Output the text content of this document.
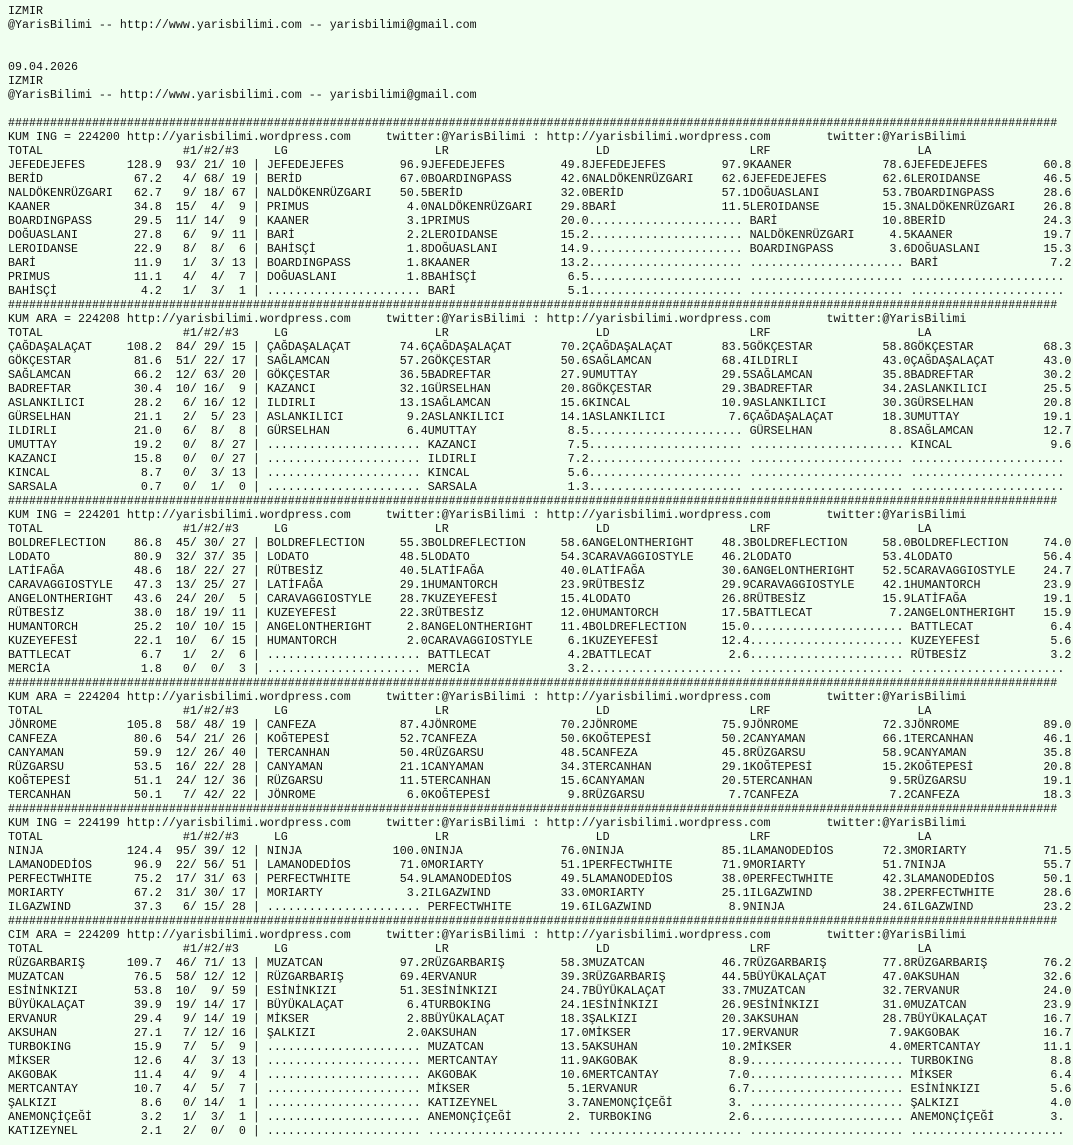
IZMIR
@YarisBilimi -- http://www.yarisbilimi.com -- yarisbilimi@gmail.com
09.04.2026
IZMIR
@YarisBilimi -- http://www.yarisbilimi.com -- yarisbilimi@gmail.com
######################################################################################################################################################
KUM ING = 224200 http://yarisbilimi.wordpress.com	twitter:@YarisBilimi : http://yarisbilimi.wordpress.com	twitter:@YarisBilimi
TOTAL                    #1/#2/#3     LG                     LR                     LD                    LRF                     LA
JEFEDEJEFES      128.9  93/ 21/ 10 | JEFEDEJEFES        96.9JEFEDEJEFES        49.8JEFEDEJEFES        97.9KAANER             78.6JEFEDEJEFES        60.8
BERİD             67.2   4/ 68/ 19 | BERİD              67.0BOARDINGPASS       42.6NALDÖKENRÜZGARI    62.6JEFEDEJEFES        62.6LEROIDANSE         46.5
NALDÖKENRÜZGARI   62.7   9/ 18/ 67 | NALDÖKENRÜZGARI    50.5BERİD              32.0BERİD              57.1DOĞUASLANI         53.7BOARDINGPASS       28.6
KAANER            34.8  15/  4/  9 | PRIMUS              4.0NALDÖKENRÜZGARI    29.8BARİ               11.5LEROIDANSE         15.3NALDÖKENRÜZGARI    26.8
BOARDINGPASS      29.5  11/ 14/  9 | KAANER              3.1PRIMUS             20.0...................... BARİ               10.8BERİD              24.3
DOĞUASLANI        27.8   6/  9/ 11 | BARİ                2.2LEROIDANSE         15.2...................... NALDÖKENRÜZGARI     4.5KAANER             19.7
LEROIDANSE        22.9   8/  8/  6 | BAHİSÇİ             1.8DOĞUASLANI         14.9...................... BOARDINGPASS        3.6DOĞUASLANI         15.3
BARİ              11.9   1/  3/ 13 | BOARDINGPASS        1.8KAANER             13.2...................... ...................... BARİ                7.2
PRIMUS            11.1   4/  4/  7 | DOĞUASLANI          1.8BAHİSÇİ             6.5...................... ...................... ......................
BAHİSÇİ            4.2   1/  3/  1 | ...................... BARİ                5.1...................... ...................... ......................
######################################################################################################################################################
KUM ARA = 224208 http://yarisbilimi.wordpress.com	twitter:@YarisBilimi : http://yarisbilimi.wordpress.com	twitter:@YarisBilimi
TOTAL                    #1/#2/#3     LG                     LR                     LD                    LRF                     LA
ÇAĞDAŞALAÇAT     108.2  84/ 29/ 15 | ÇAĞDAŞALAÇAT       74.6ÇAĞDAŞALAÇAT       70.2ÇAĞDAŞALAÇAT       83.5GÖKÇESTAR          58.8GÖKÇESTAR          68.3
GÖKÇESTAR         81.6  51/ 22/ 17 | SAĞLAMCAN          57.2GÖKÇESTAR          50.6SAĞLAMCAN          68.4ILDIRLI            43.0ÇAĞDAŞALAÇAT       43.0
SAĞLAMCAN         66.2  12/ 63/ 20 | GÖKÇESTAR          36.5BADREFTAR          27.9UMUTTAY            29.5SAĞLAMCAN          35.8BADREFTAR          30.2
BADREFTAR         30.4  10/ 16/  9 | KAZANCI            32.1GÜRSELHAN          20.8GÖKÇESTAR          29.3BADREFTAR          34.2ASLANKILICI        25.5
ASLANKILICI       28.2   6/ 16/ 12 | ILDIRLI            13.1SAĞLAMCAN          15.6KINCAL             10.9ASLANKILICI        30.3GÜRSELHAN          20.8
GÜRSELHAN         21.1   2/  5/ 23 | ASLANKILICI         9.2ASLANKILICI        14.1ASLANKILICI         7.6ÇAĞDAŞALAÇAT       18.3UMUTTAY            19.1
ILDIRLI           21.0   6/  8/  8 | GÜRSELHAN           6.4UMUTTAY             8.5...................... GÜRSELHAN           8.8SAĞLAMCAN          12.7
UMUTTAY           19.2   0/  8/ 27 | ...................... KAZANCI             7.5...................... ...................... KINCAL              9.6
KAZANCI           15.8   0/  0/ 27 | ...................... ILDIRLI             7.2...................... ...................... ......................
KINCAL             8.7   0/  3/ 13 | ...................... KINCAL              5.6...................... ...................... ......................
SARSALA            0.7   0/  1/  0 | ...................... SARSALA             1.3...................... ...................... ......................
######################################################################################################################################################
KUM ING = 224201 http://yarisbilimi.wordpress.com	twitter:@YarisBilimi : http://yarisbilimi.wordpress.com	twitter:@YarisBilimi
TOTAL                    #1/#2/#3     LG                     LR                     LD                    LRF                     LA
BOLDREFLECTION    86.8  45/ 30/ 27 | BOLDREFLECTION     55.3BOLDREFLECTION     58.6ANGELONTHERIGHT    48.3BOLDREFLECTION     58.0BOLDREFLECTION     74.0
LODATO            80.9  32/ 37/ 35 | LODATO             48.5LODATO             54.3CARAVAGGIOSTYLE    46.2LODATO             53.4LODATO             56.4
LATİFAĞA          48.6  18/ 22/ 27 | RÜTBESİZ           40.5LATİFAĞA           40.0LATİFAĞA           30.6ANGELONTHERIGHT    52.5CARAVAGGIOSTYLE    24.7
CARAVAGGIOSTYLE   47.3  13/ 25/ 27 | LATİFAĞA           29.1HUMANTORCH         23.9RÜTBESİZ           29.9CARAVAGGIOSTYLE    42.1HUMANTORCH         23.9
ANGELONTHERIGHT   43.6  24/ 20/  5 | CARAVAGGIOSTYLE    28.7KUZEYEFESİ         15.4LODATO             26.8RÜTBESİZ           15.9LATİFAĞA           19.1
RÜTBESİZ          38.0  18/ 19/ 11 | KUZEYEFESİ         22.3RÜTBESİZ           12.0HUMANTORCH         17.5BATTLECAT           7.2ANGELONTHERIGHT    15.9
HUMANTORCH        25.2  10/ 10/ 15 | ANGELONTHERIGHT     2.8ANGELONTHERIGHT    11.4BOLDREFLECTION     15.0...................... BATTLECAT           6.4
KUZEYEFESİ        22.1  10/  6/ 15 | HUMANTORCH          2.0CARAVAGGIOSTYLE     6.1KUZEYEFESİ         12.4...................... KUZEYEFESİ          5.6
BATTLECAT          6.7   1/  2/  6 | ...................... BATTLECAT           4.2BATTLECAT           2.6...................... RÜTBESİZ            3.2
MERCİA             1.8   0/  0/  3 | ...................... MERCİA              3.2...................... ...................... ......................
######################################################################################################################################################
KUM ARA = 224204 http://yarisbilimi.wordpress.com	twitter:@YarisBilimi : http://yarisbilimi.wordpress.com	twitter:@YarisBilimi
TOTAL                    #1/#2/#3     LG                     LR                     LD                    LRF                     LA
JÖNROME          105.8  58/ 48/ 19 | CANFEZA            87.4JÖNROME            70.2JÖNROME            75.9JÖNROME            72.3JÖNROME            89.0
CANFEZA           80.6  54/ 21/ 26 | KOĞTEPESİ          52.7CANFEZA            50.6KOĞTEPESİ          50.2CANYAMAN           66.1TERCANHAN          46.1
CANYAMAN          59.9  12/ 26/ 40 | TERCANHAN          50.4RÜZGARSU           48.5CANFEZA            45.8RÜZGARSU           58.9CANYAMAN           35.8
RÜZGARSU          53.5  16/ 22/ 28 | CANYAMAN           21.1CANYAMAN           34.3TERCANHAN          29.1KOĞTEPESİ          15.2KOĞTEPESİ          20.8
KOĞTEPESİ         51.1  24/ 12/ 36 | RÜZGARSU           11.5TERCANHAN          15.6CANYAMAN           20.5TERCANHAN           9.5RÜZGARSU           19.1
TERCANHAN         50.1   7/ 42/ 22 | JÖNROME             6.0KOĞTEPESİ           9.8RÜZGARSU            7.7CANFEZA             7.2CANFEZA            18.3
######################################################################################################################################################
KUM ING = 224199 http://yarisbilimi.wordpress.com	twitter:@YarisBilimi : http://yarisbilimi.wordpress.com	twitter:@YarisBilimi
TOTAL                    #1/#2/#3     LG                     LR                     LD                    LRF                     LA
NINJA            124.4  95/ 39/ 12 | NINJA             100.0NINJA              76.0NINJA              85.1LAMANODEDİOS       72.3MORIARTY           71.5
LAMANODEDİOS      96.9  22/ 56/ 51 | LAMANODEDİOS       71.0MORIARTY           51.1PERFECTWHITE       71.9MORIARTY           51.7NINJA              55.7
PERFECTWHITE      75.2  17/ 31/ 63 | PERFECTWHITE       54.9LAMANODEDİOS       49.5LAMANODEDİOS       38.0PERFECTWHITE       42.3LAMANODEDİOS       50.1
MORIARTY          67.2  31/ 30/ 17 | MORIARTY            3.2ILGAZWIND          33.0MORIARTY           25.1ILGAZWIND          38.2PERFECTWHITE       28.6
ILGAZWIND         37.3   6/ 15/ 28 | ...................... PERFECTWHITE       19.6ILGAZWIND           8.9NINJA              24.6ILGAZWIND          23.2
######################################################################################################################################################
CIM ARA = 224209 http://yarisbilimi.wordpress.com	twitter:@YarisBilimi : http://yarisbilimi.wordpress.com	twitter:@YarisBilimi
TOTAL                    #1/#2/#3     LG                     LR                     LD                    LRF                     LA
RÜZGARBARIŞ      109.7  46/ 71/ 13 | MUZATCAN           97.2RÜZGARBARIŞ        58.3MUZATCAN           46.7RÜZGARBARIŞ        77.8RÜZGARBARIŞ        76.2
MUZATCAN          76.5  58/ 12/ 12 | RÜZGARBARIŞ        69.4ERVANUR            39.3RÜZGARBARIŞ        44.5BÜYÜKALAÇAT        47.0AKSUHAN            32.6
ESİNİNKIZI        53.8  10/  9/ 59 | ESİNİNKIZI         51.3ESİNİNKIZI         24.7BÜYÜKALAÇAT        33.7MUZATCAN           32.7ERVANUR            24.0
BÜYÜKALAÇAT       39.9  19/ 14/ 17 | BÜYÜKALAÇAT         6.4TURBOKING          24.1ESİNİNKIZI         26.9ESİNİNKIZI         31.0MUZATCAN           23.9
ERVANUR           29.4   9/ 14/ 19 | MİKSER              2.8BÜYÜKALAÇAT        18.3ŞALKIZI            20.3AKSUHAN            28.7BÜYÜKALAÇAT        16.7
AKSUHAN           27.1   7/ 12/ 16 | ŞALKIZI             2.0AKSUHAN            17.0MİKSER             17.9ERVANUR             7.9AKGOBAK            16.7
TURBOKING         15.9   7/  5/  9 | ...................... MUZATCAN           13.5AKSUHAN            10.2MİKSER              4.0MERTCANTAY         11.1
MİKSER            12.6   4/  3/ 13 | ...................... MERTCANTAY         11.9AKGOBAK             8.9...................... TURBOKING           8.8
AKGOBAK           11.4   4/  9/  4 | ...................... AKGOBAK            10.6MERTCANTAY          7.0...................... MİKSER              6.4
MERTCANTAY        10.7   4/  5/  7 | ...................... MİKSER              5.1ERVANUR             6.7...................... ESİNİNKIZI          5.6
ŞALKIZI            8.6   0/ 14/  1 | ...................... KATIZEYNEL          3.7ANEMONÇİÇEĞİ        3. ...................... ŞALKIZI             4.0
ANEMONÇİÇEĞİ       3.2   1/  3/  1 | ...................... ANEMONÇİÇEĞİ        2. TURBOKING           2.6...................... ANEMONÇİÇEĞİ        3.
KATIZEYNEL         2.1   2/  0/  0 | ...................... ...................... ...................... ...................... ......................
